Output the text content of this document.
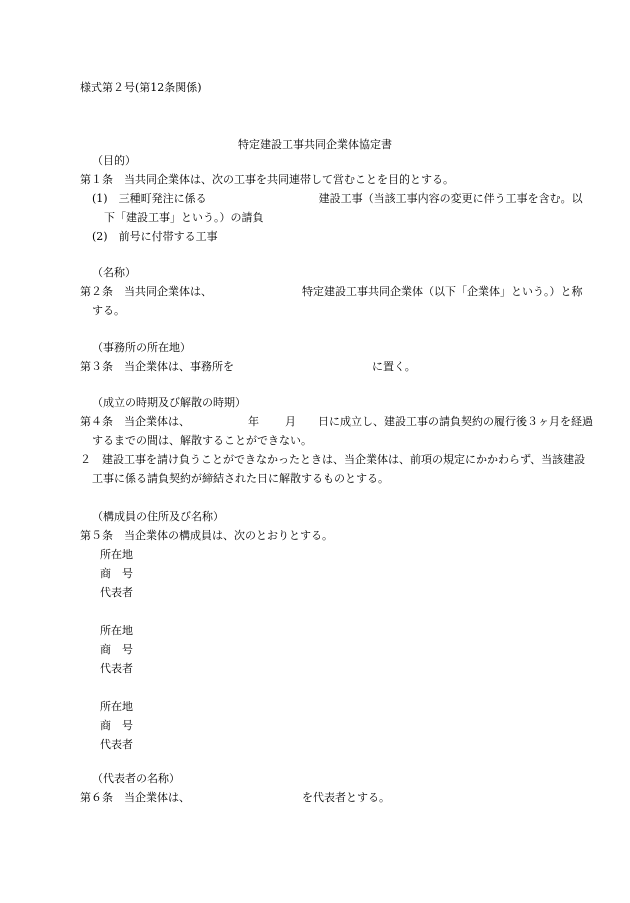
様式第２号(第12条関係)
特定建設工事共同企業体協定書
（目的）
第１条　当共同企業体は、次の工事を共同連帯して営むことを目的とする。
(1)　三種町発注に係る	建設工事（当該工事内容の変更に伴う工事を含む。以
下「建設工事」という。）の請負
(2)　前号に付帯する工事
（名称）
第２条　当共同企業体は、	特定建設工事共同企業体（以下「企業体」という。）と称
する。
（事務所の所在地）
第３条　当企業体は、事務所を	に置く。
（成立の時期及び解散の時期）
第４条　当企業体は、	年 月 日に成立し、建設工事の請負契約の履行後３ヶ月を経過
するまでの間は、解散することができない。
２　建設工事を請け負うことができなかったときは、当企業体は、前項の規定にかかわらず、当該建設
工事に係る請負契約が締結された日に解散するものとする。
（構成員の住所及び名称）
第５条　当企業体の構成員は、次のとおりとする。
所在地
商　号
代表者
所在地
商　号
代表者
所在地
商　号
代表者
（代表者の名称）
第６条　当企業体は、	を代表者とする。
